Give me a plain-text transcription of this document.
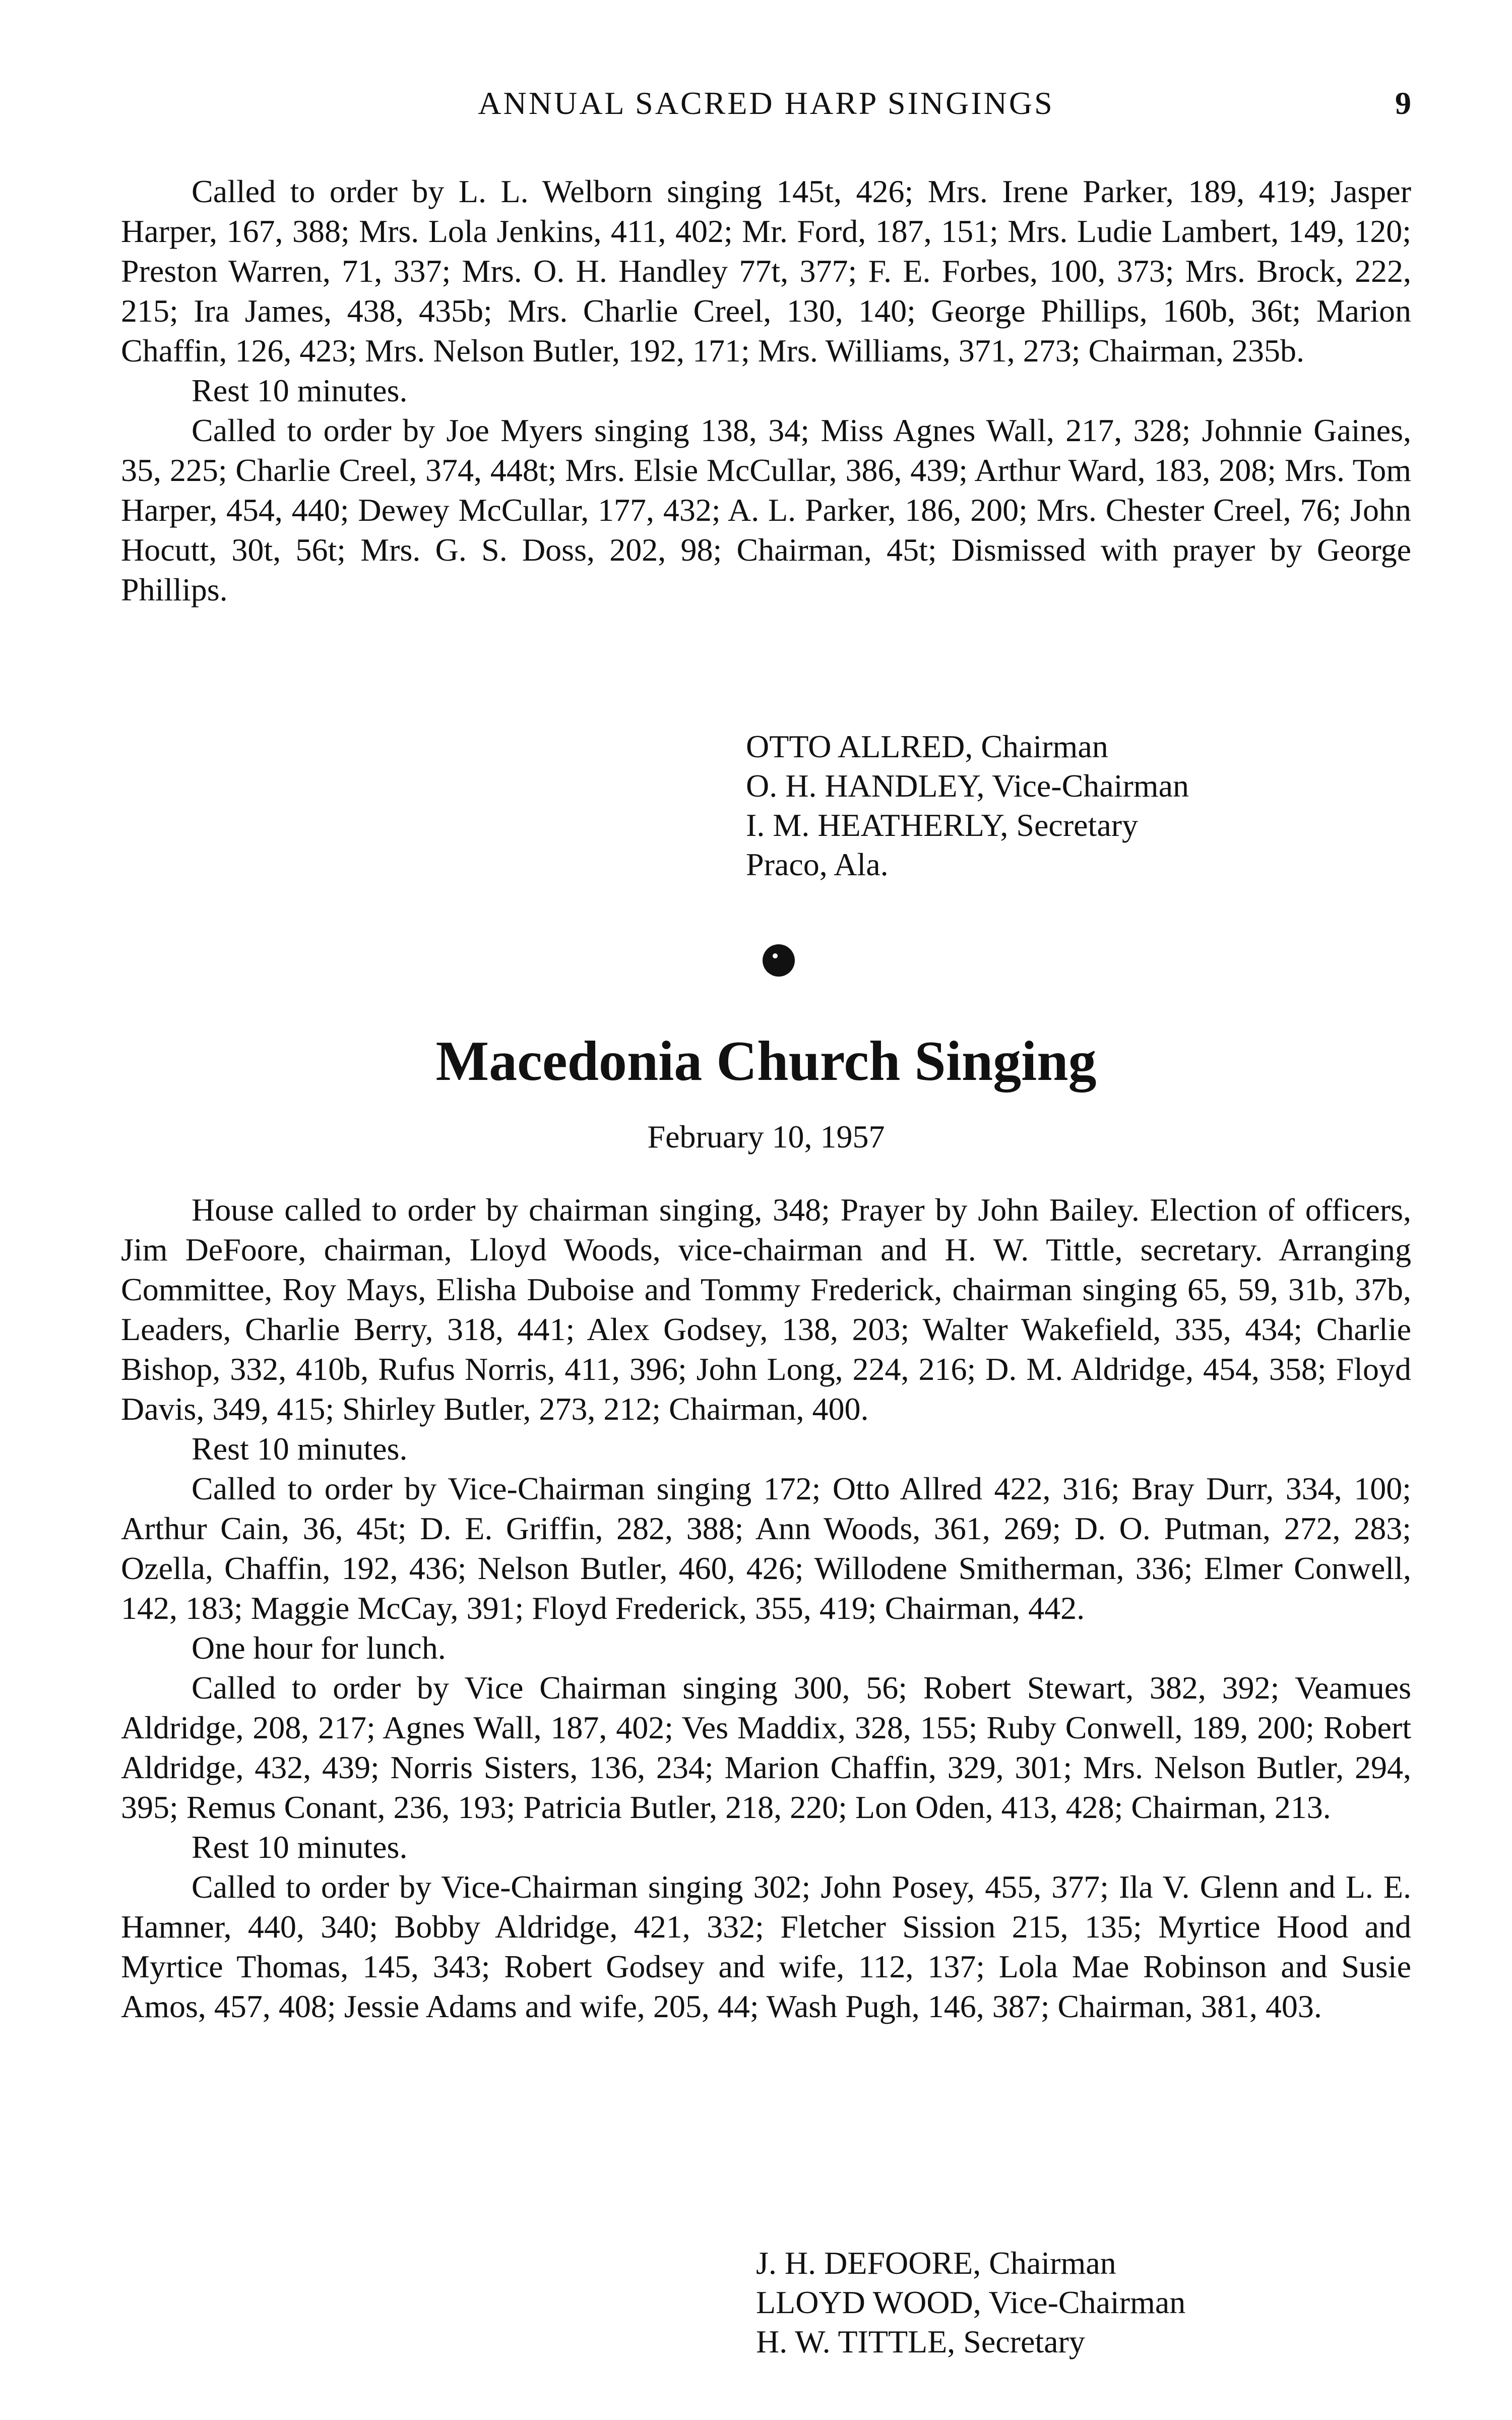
ANNUAL SACRED HARP SINGINGS	9

Called to order by L. L. Welborn singing 145t, 426; Mrs. Irene Parker, 189, 419; Jasper Harper, 167, 388; Mrs. Lola Jenkins, 411, 402; Mr. Ford, 187, 151; Mrs. Ludie Lambert, 149, 120; Preston Warren, 71, 337; Mrs. O. H. Handley 77t, 377; F. E. Forbes, 100, 373; Mrs. Brock, 222, 215; Ira James, 438, 435b; Mrs. Charlie Creel, 130, 140; George Phillips, 160b, 36t; Marion Chaffin, 126, 423; Mrs. Nelson Butler, 192, 171; Mrs. Williams, 371, 273; Chairman, 235b.

Rest 10 minutes.

Called to order by Joe Myers singing 138, 34; Miss Agnes Wall, 217, 328; Johnnie Gaines, 35, 225; Charlie Creel, 374, 448t; Mrs. Elsie McCullar, 386, 439; Arthur Ward, 183, 208; Mrs. Tom Harper, 454, 440; Dewey McCullar, 177, 432; A. L. Parker, 186, 200; Mrs. Chester Creel, 76; John Hocutt, 30t, 56t; Mrs. G. S. Doss, 202, 98; Chairman, 45t; Dismissed with prayer by George Phillips.

OTTO ALLRED, Chairman
O. H. HANDLEY, Vice-Chairman
I. M. HEATHERLY, Secretary
Praco, Ala.
Macedonia Church Singing
February 10, 1957

House called to order by chairman singing, 348; Prayer by John Bailey. Election of officers, Jim DeFoore, chairman, Lloyd Woods, vice-chairman and H. W. Tittle, secretary. Arranging Committee, Roy Mays, Elisha Duboise and Tommy Frederick, chairman singing 65, 59, 31b, 37b, Leaders, Charlie Berry, 318, 441; Alex Godsey, 138, 203; Walter Wakefield, 335, 434; Charlie Bishop, 332, 410b, Rufus Norris, 411, 396; John Long, 224, 216; D. M. Aldridge, 454, 358; Floyd Davis, 349, 415; Shirley Butler, 273, 212; Chairman, 400.

Rest 10 minutes.

Called to order by Vice-Chairman singing 172; Otto Allred 422, 316; Bray Durr, 334, 100; Arthur Cain, 36, 45t; D. E. Griffin, 282, 388; Ann Woods, 361, 269; D. O. Putman, 272, 283; Ozella, Chaffin, 192, 436; Nelson Butler, 460, 426; Willodene Smitherman, 336; Elmer Conwell, 142, 183; Maggie McCay, 391; Floyd Frederick, 355, 419; Chairman, 442.

One hour for lunch.

Called to order by Vice Chairman singing 300, 56; Robert Stewart, 382, 392; Veamues Aldridge, 208, 217; Agnes Wall, 187, 402; Ves Maddix, 328, 155; Ruby Conwell, 189, 200; Robert Aldridge, 432, 439; Norris Sisters, 136, 234; Marion Chaffin, 329, 301; Mrs. Nelson Butler, 294, 395; Remus Conant, 236, 193; Patricia Butler, 218, 220; Lon Oden, 413, 428; Chairman, 213.

Rest 10 minutes.

Called to order by Vice-Chairman singing 302; John Posey, 455, 377; Ila V. Glenn and L. E. Hamner, 440, 340; Bobby Aldridge, 421, 332; Fletcher Sission 215, 135; Myrtice Hood and Myrtice Thomas, 145, 343; Robert Godsey and wife, 112, 137; Lola Mae Robinson and Susie Amos, 457, 408; Jessie Adams and wife, 205, 44; Wash Pugh, 146, 387; Chairman, 381, 403.

J. H. DEFOORE, Chairman
LLOYD WOOD, Vice-Chairman
H. W. TITTLE, Secretary
